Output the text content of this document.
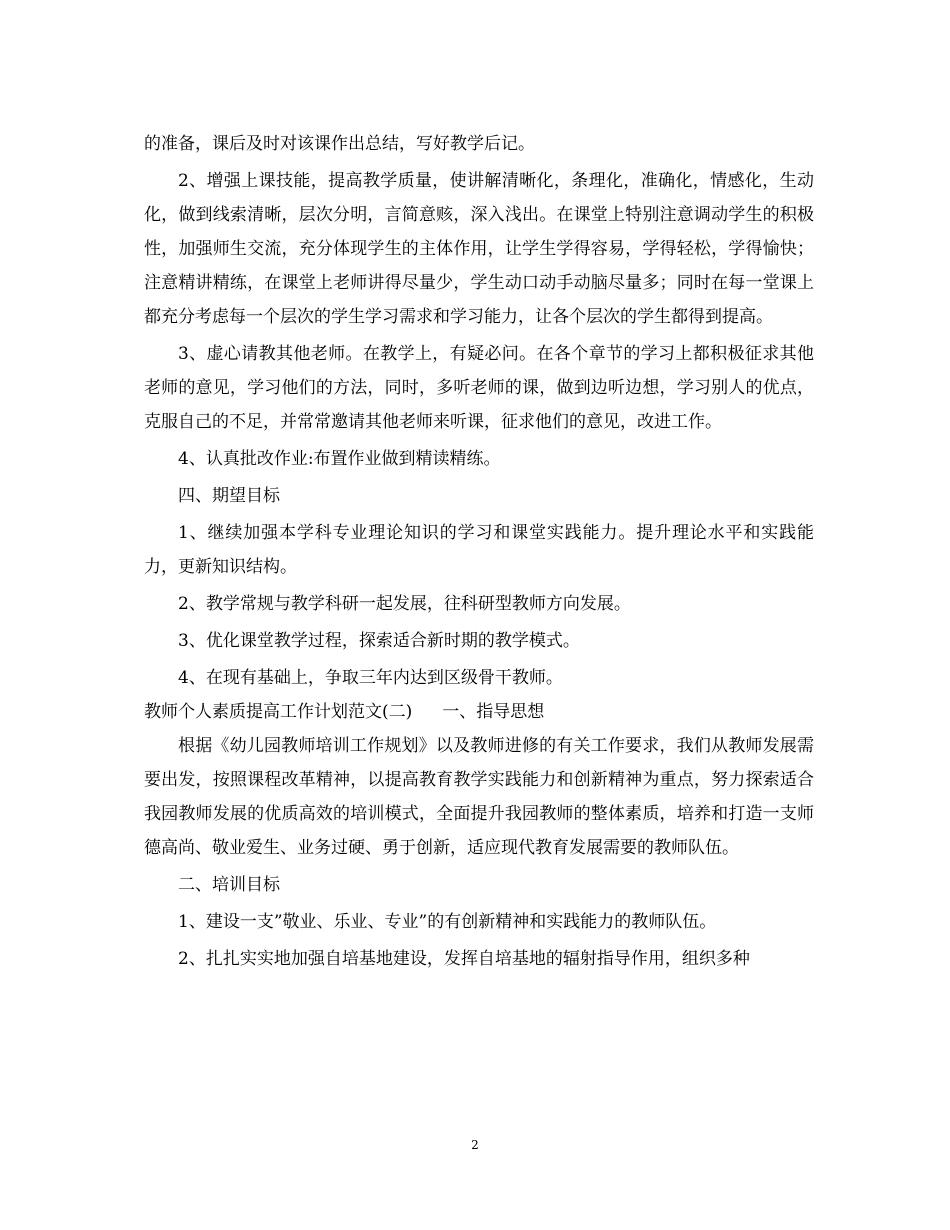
的准备，课后及时对该课作出总结，写好教学后记。

2、增强上课技能，提高教学质量，使讲解清晰化，条理化，准确化，情感化，生动化，做到线索清晰，层次分明，言简意赅，深入浅出。在课堂上特别注意调动学生的积极性，加强师生交流，充分体现学生的主体作用，让学生学得容易，学得轻松，学得愉快；注意精讲精练，在课堂上老师讲得尽量少，学生动口动手动脑尽量多；同时在每一堂课上都充分考虑每一个层次的学生学习需求和学习能力，让各个层次的学生都得到提高。

3、虚心请教其他老师。在教学上，有疑必问。在各个章节的学习上都积极征求其他老师的意见，学习他们的方法，同时，多听老师的课，做到边听边想，学习别人的优点，克服自己的不足，并常常邀请其他老师来听课，征求他们的意见，改进工作。

4、认真批改作业:布置作业做到精读精练。

四、期望目标

1、继续加强本学科专业理论知识的学习和课堂实践能力。提升理论水平和实践能力，更新知识结构。

2、教学常规与教学科研一起发展，往科研型教师方向发展。

3、优化课堂教学过程，探索适合新时期的教学模式。

4、在现有基础上，争取三年内达到区级骨干教师。

教师个人素质提高工作计划范文(二) 一、指导思想

根据《幼儿园教师培训工作规划》以及教师进修的有关工作要求，我们从教师发展需要出发，按照课程改革精神，以提高教育教学实践能力和创新精神为重点，努力探索适合我园教师发展的优质高效的培训模式，全面提升我园教师的整体素质，培养和打造一支师德高尚、敬业爱生、业务过硬、勇于创新，适应现代教育发展需要的教师队伍。

二、培训目标

1、建设一支”敬业、乐业、专业”的有创新精神和实践能力的教师队伍。

2、扎扎实实地加强自培基地建设，发挥自培基地的辐射指导作用，组织多种

2
